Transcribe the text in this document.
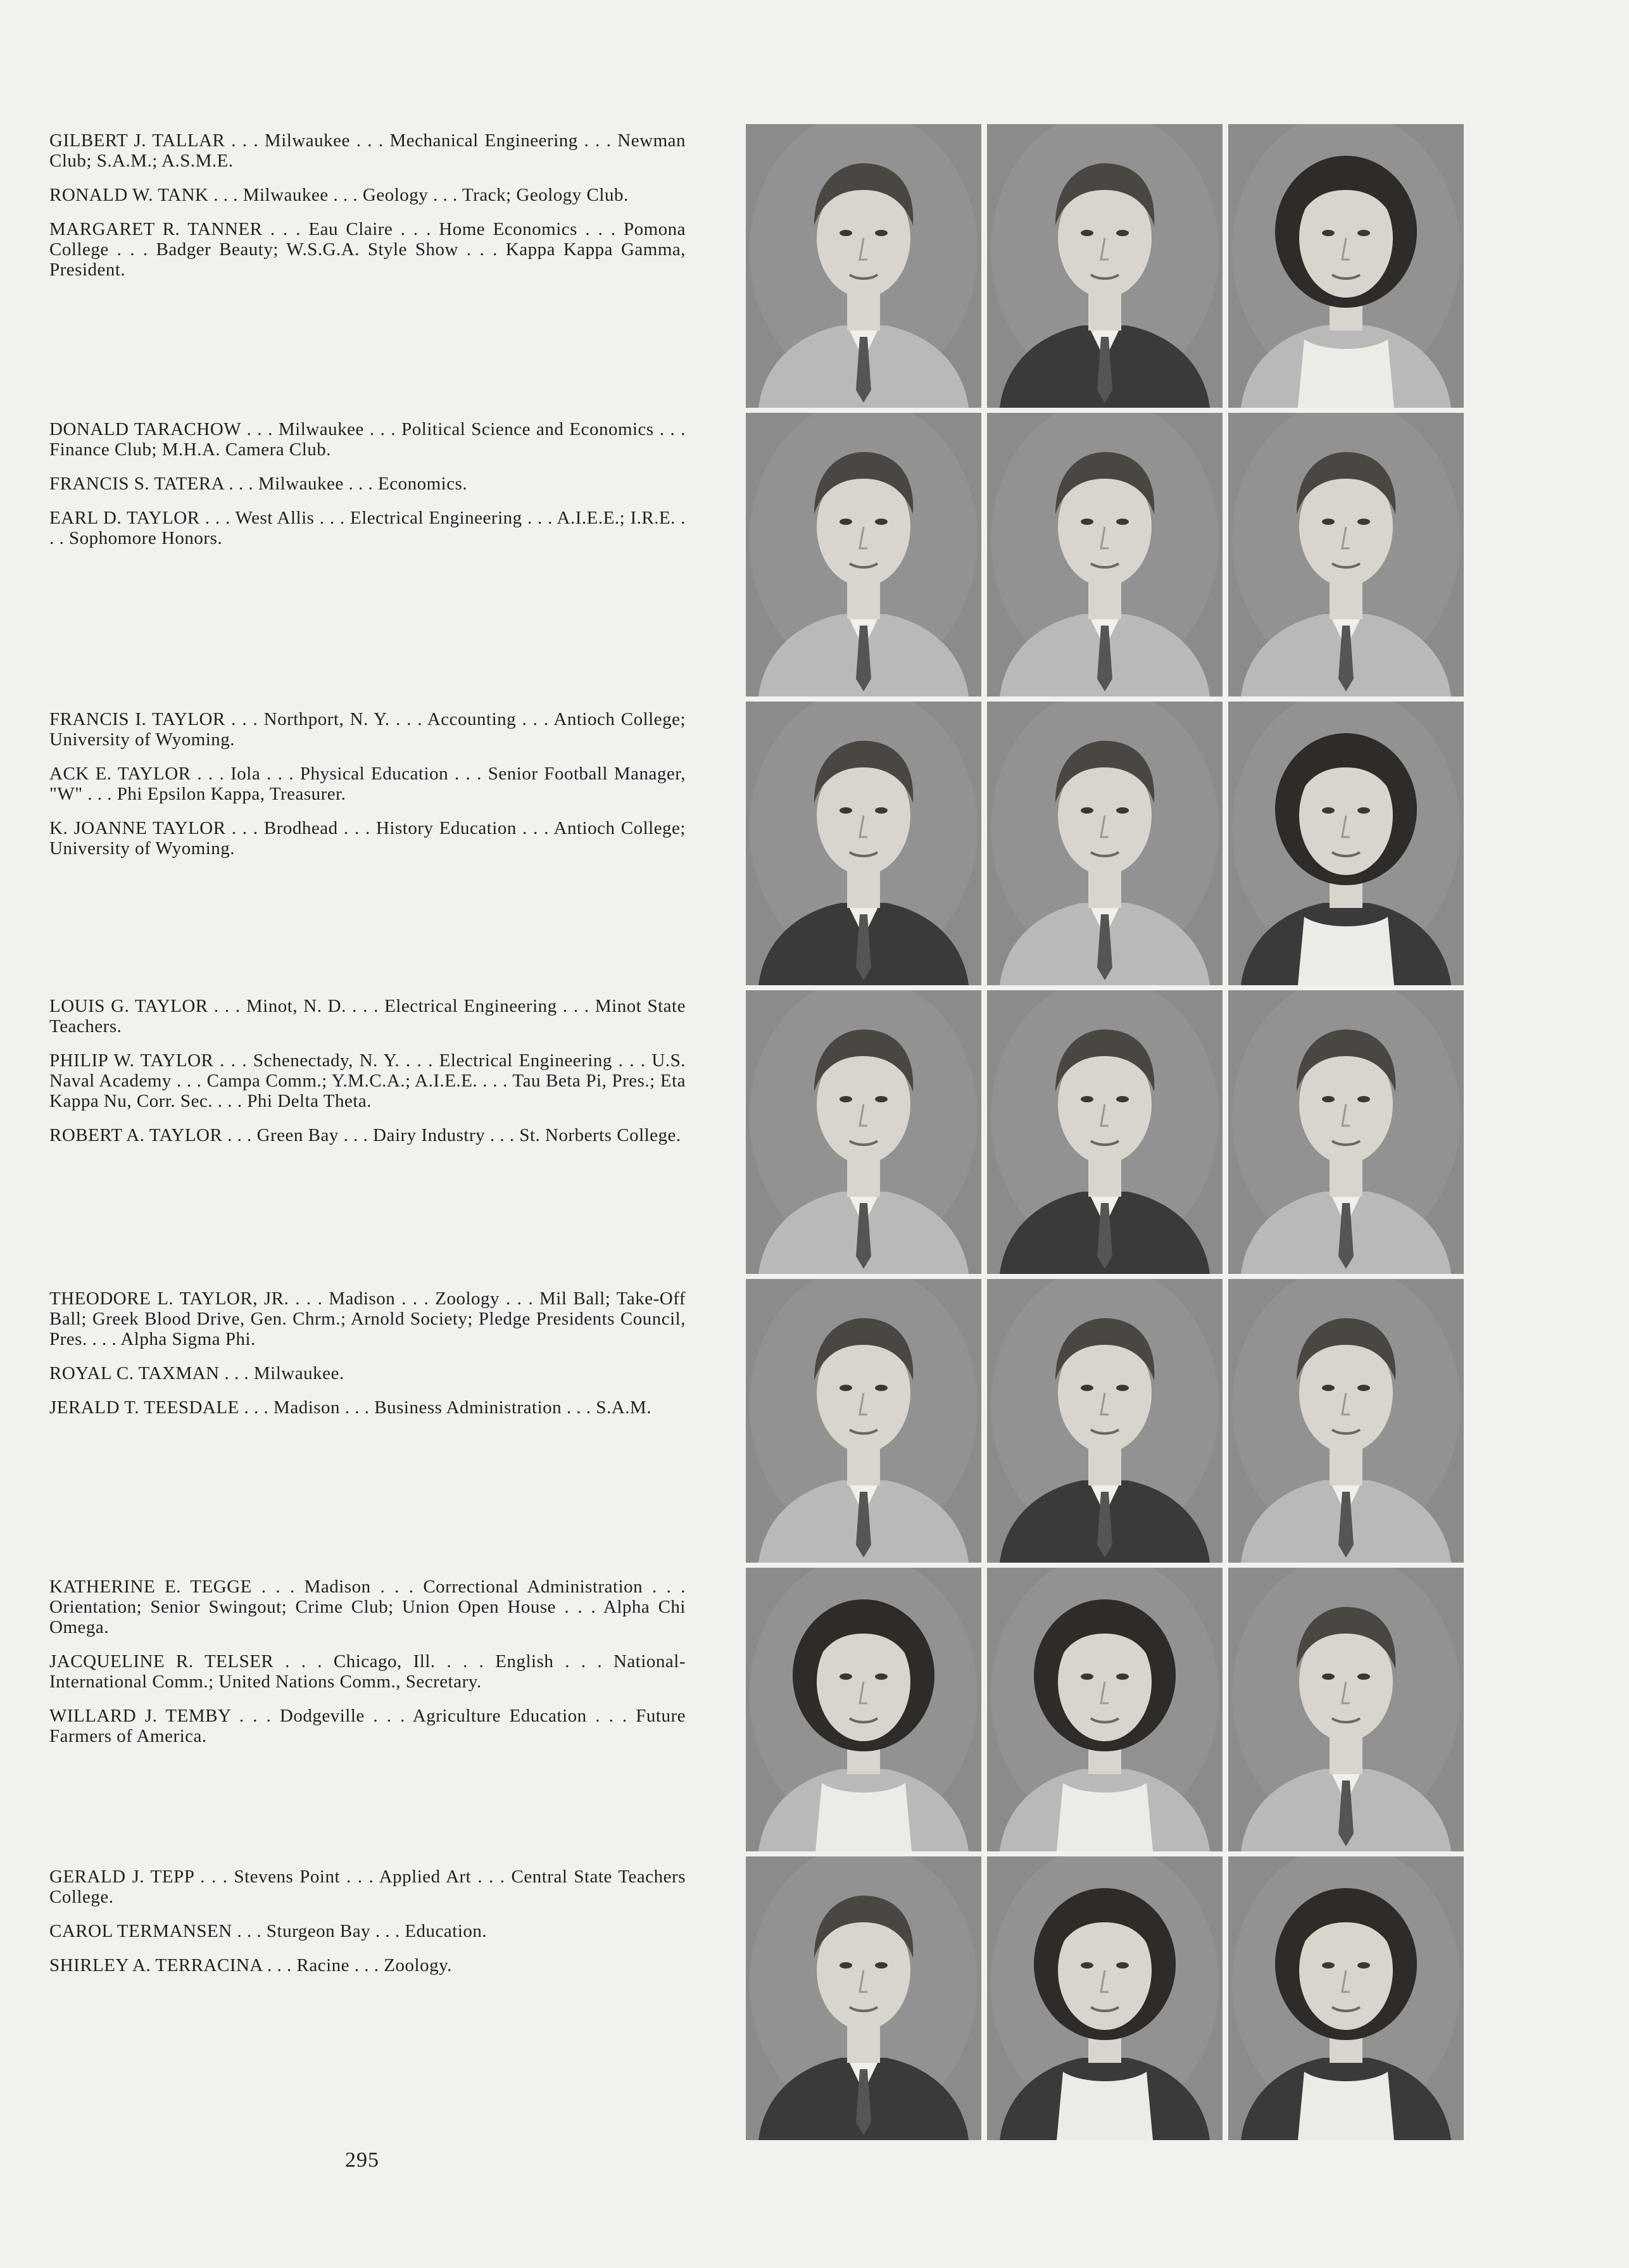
GILBERT J. TALLAR . . . Milwaukee . . . Mechanical Engineering . . . Newman Club; S.A.M.; A.S.M.E.

RONALD W. TANK . . . Milwaukee . . . Geology . . . Track; Geology Club.

MARGARET R. TANNER . . . Eau Claire . . . Home Economics . . . Pomona College . . . Badger Beauty; W.S.G.A. Style Show . . . Kappa Kappa Gamma, President.

DONALD TARACHOW . . . Milwaukee . . . Political Science and Economics . . . Finance Club; M.H.A. Camera Club.

FRANCIS S. TATERA . . . Milwaukee . . . Economics.

EARL D. TAYLOR . . . West Allis . . . Electrical Engineering . . . A.I.E.E.; I.R.E. . . . Sophomore Honors.

FRANCIS I. TAYLOR . . . Northport, N. Y. . . . Accounting . . . Antioch College; University of Wyoming.

ACK E. TAYLOR . . . Iola . . . Physical Education . . . Senior Football Manager, "W" . . . Phi Epsilon Kappa, Treasurer.

K. JOANNE TAYLOR . . . Brodhead . . . History Education . . . Antioch College; University of Wyoming.

LOUIS G. TAYLOR . . . Minot, N. D. . . . Electrical Engineering . . . Minot State Teachers.

PHILIP W. TAYLOR . . . Schenectady, N. Y. . . . Electrical Engineering . . . U.S. Naval Academy . . . Campa Comm.; Y.M.C.A.; A.I.E.E. . . . Tau Beta Pi, Pres.; Eta Kappa Nu, Corr. Sec. . . . Phi Delta Theta.

ROBERT A. TAYLOR . . . Green Bay . . . Dairy Industry . . . St. Norberts College.

THEODORE L. TAYLOR, JR. . . . Madison . . . Zoology . . . Mil Ball; Take-Off Ball; Greek Blood Drive, Gen. Chrm.; Arnold Society; Pledge Presidents Council, Pres. . . . Alpha Sigma Phi.

ROYAL C. TAXMAN . . . Milwaukee.

JERALD T. TEESDALE . . . Madison . . . Business Administration . . . S.A.M.

KATHERINE E. TEGGE . . . Madison . . . Correctional Administration . . . Orientation; Senior Swingout; Crime Club; Union Open House . . . Alpha Chi Omega.

JACQUELINE R. TELSER . . . Chicago, Ill. . . . English . . . National-International Comm.; United Nations Comm., Secretary.

WILLARD J. TEMBY . . . Dodgeville . . . Agriculture Education . . . Future Farmers of America.

GERALD J. TEPP . . . Stevens Point . . . Applied Art . . . Central State Teachers College.

CAROL TERMANSEN . . . Sturgeon Bay . . . Education.

SHIRLEY A. TERRACINA . . . Racine . . . Zoology.

295
